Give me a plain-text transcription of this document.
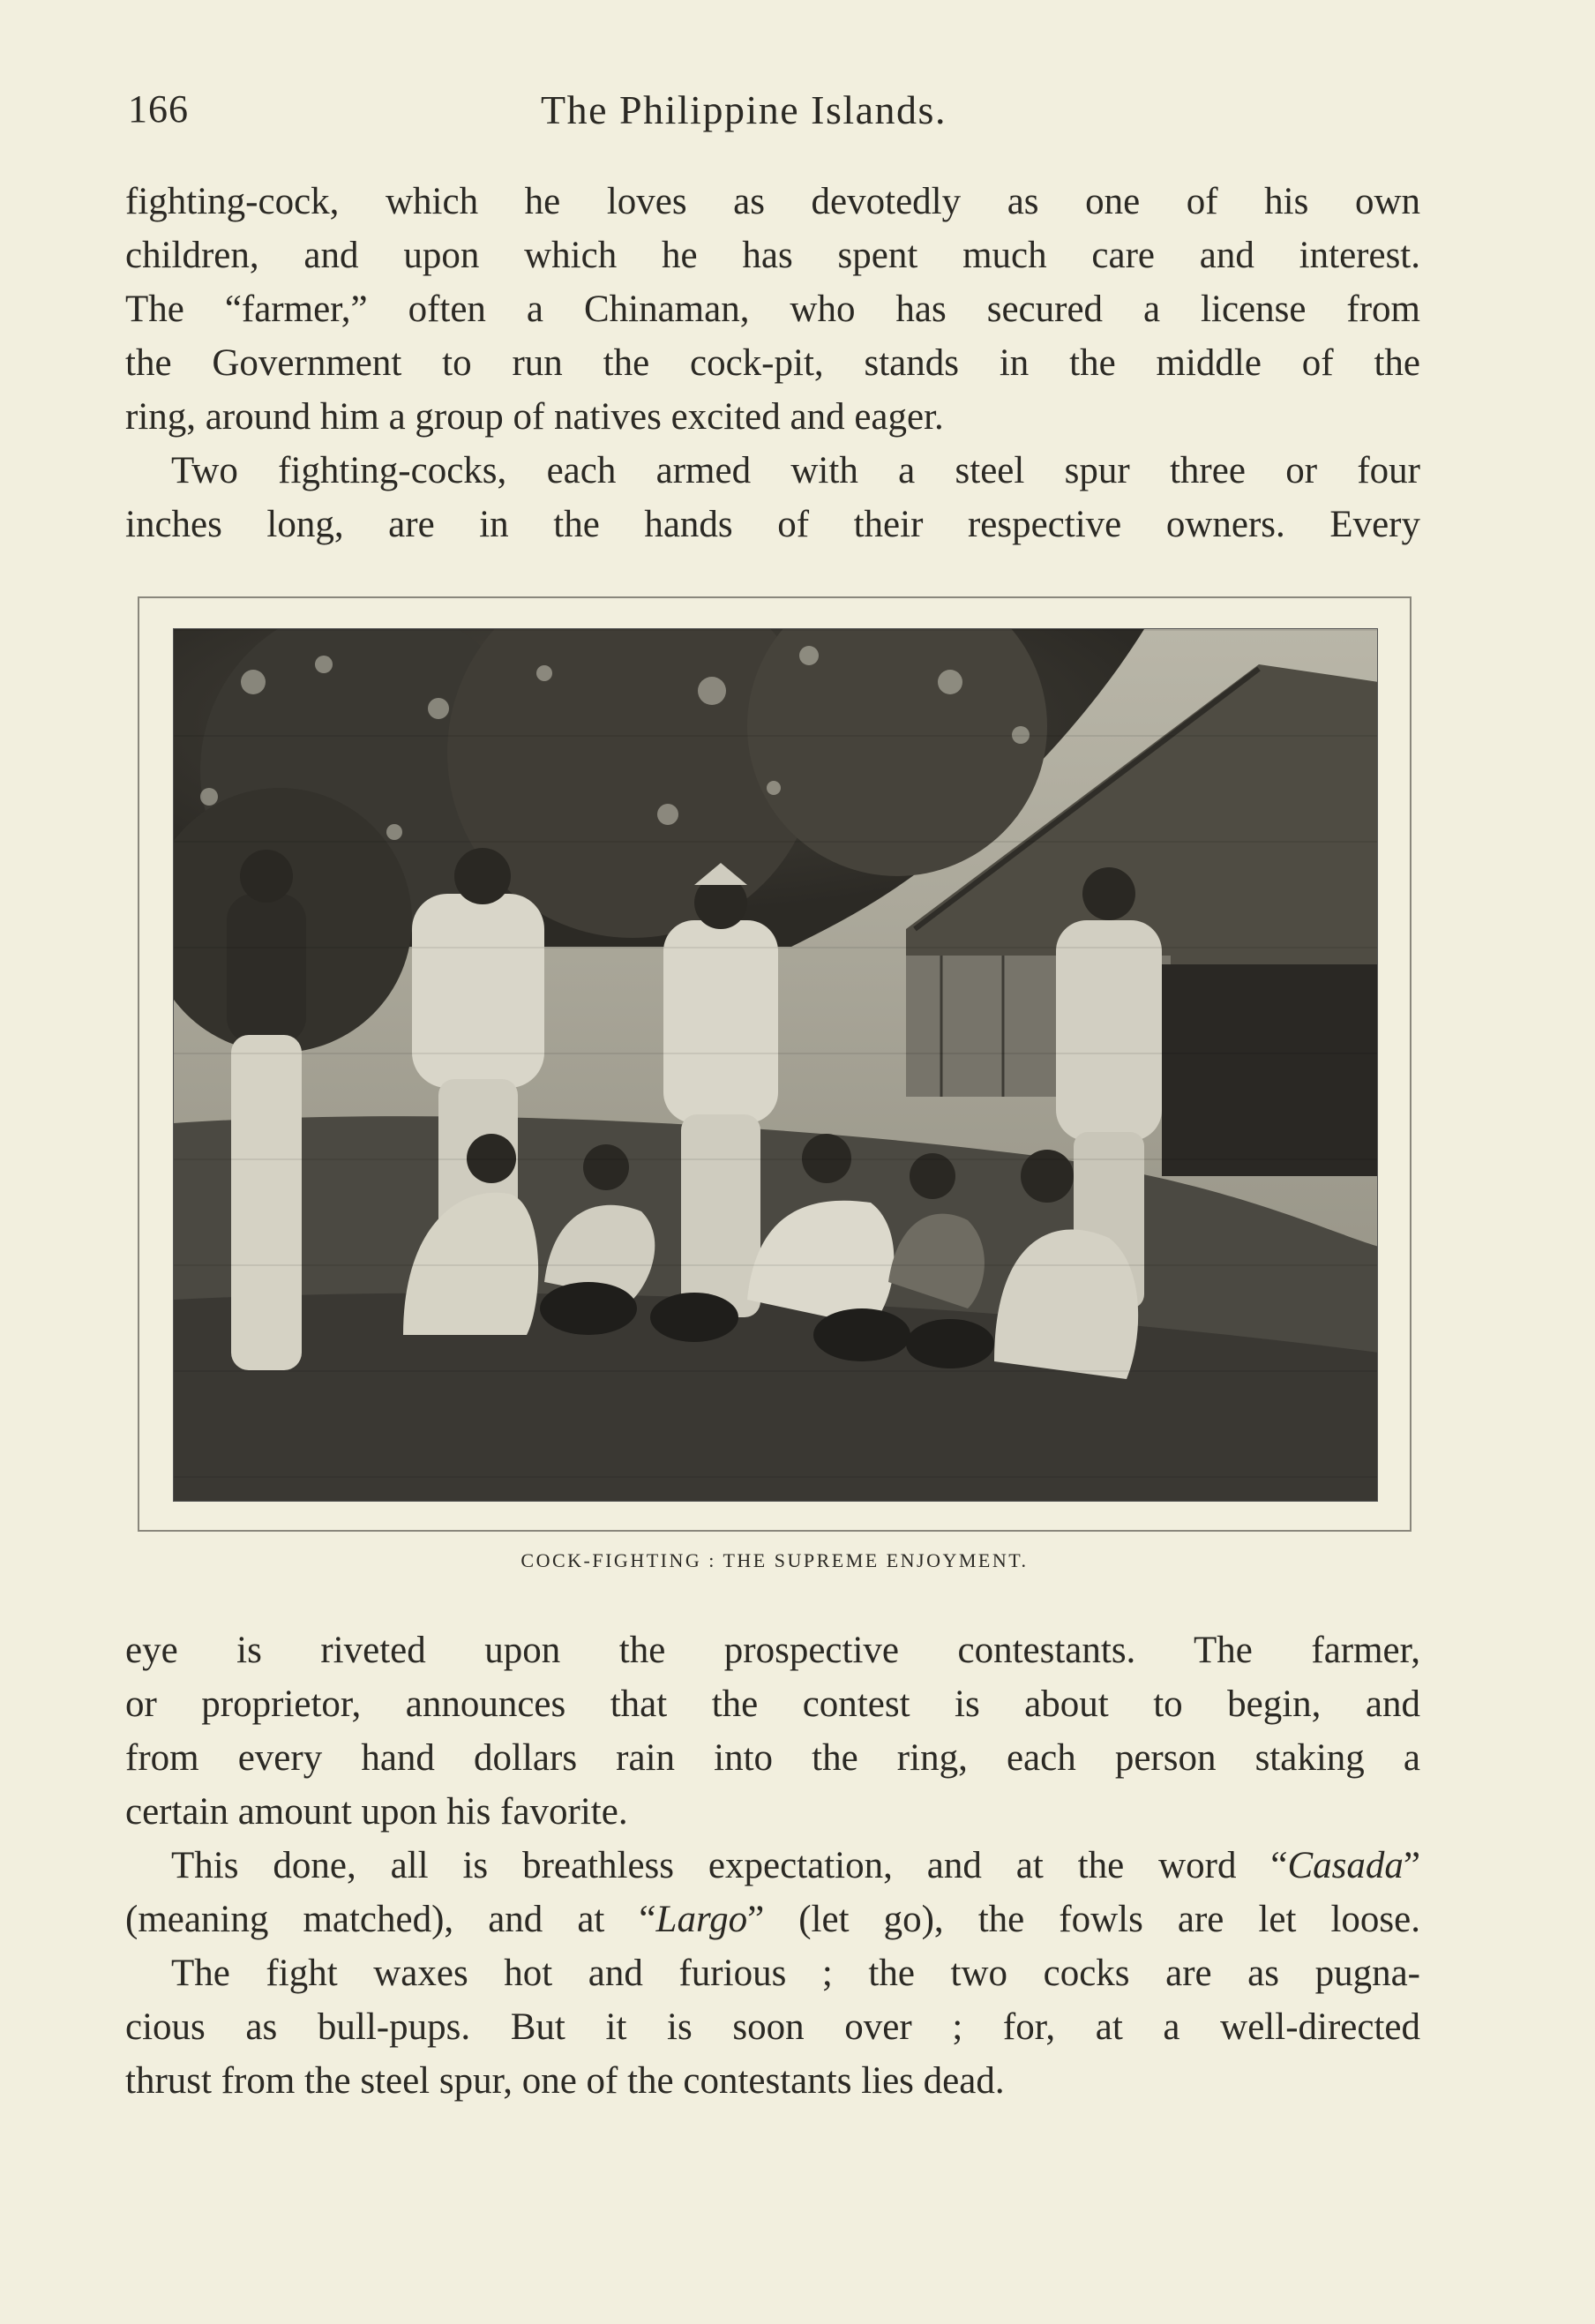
166	The Philippine Islands.
fighting-cock, which he loves as devotedly as one of his own
children, and upon which he has spent much care and interest.
The “farmer,” often a Chinaman, who has secured a license from
the Government to run the cock-pit, stands in the middle of the
ring, around him a group of natives excited and eager.
Two fighting-cocks, each armed with a steel spur three or four
inches long, are in the hands of their respective owners. Every
COCK-FIGHTING : THE SUPREME ENJOYMENT.
eye is riveted upon the prospective contestants. The farmer,
or proprietor, announces that the contest is about to begin, and
from every hand dollars rain into the ring, each person staking a
certain amount upon his favorite.
This done, all is breathless expectation, and at the word “Casada”
(meaning matched), and at “Largo” (let go), the fowls are let loose.
The fight waxes hot and furious ; the two cocks are as pugna-
cious as bull-pups. But it is soon over ; for, at a well-directed
thrust from the steel spur, one of the contestants lies dead.
